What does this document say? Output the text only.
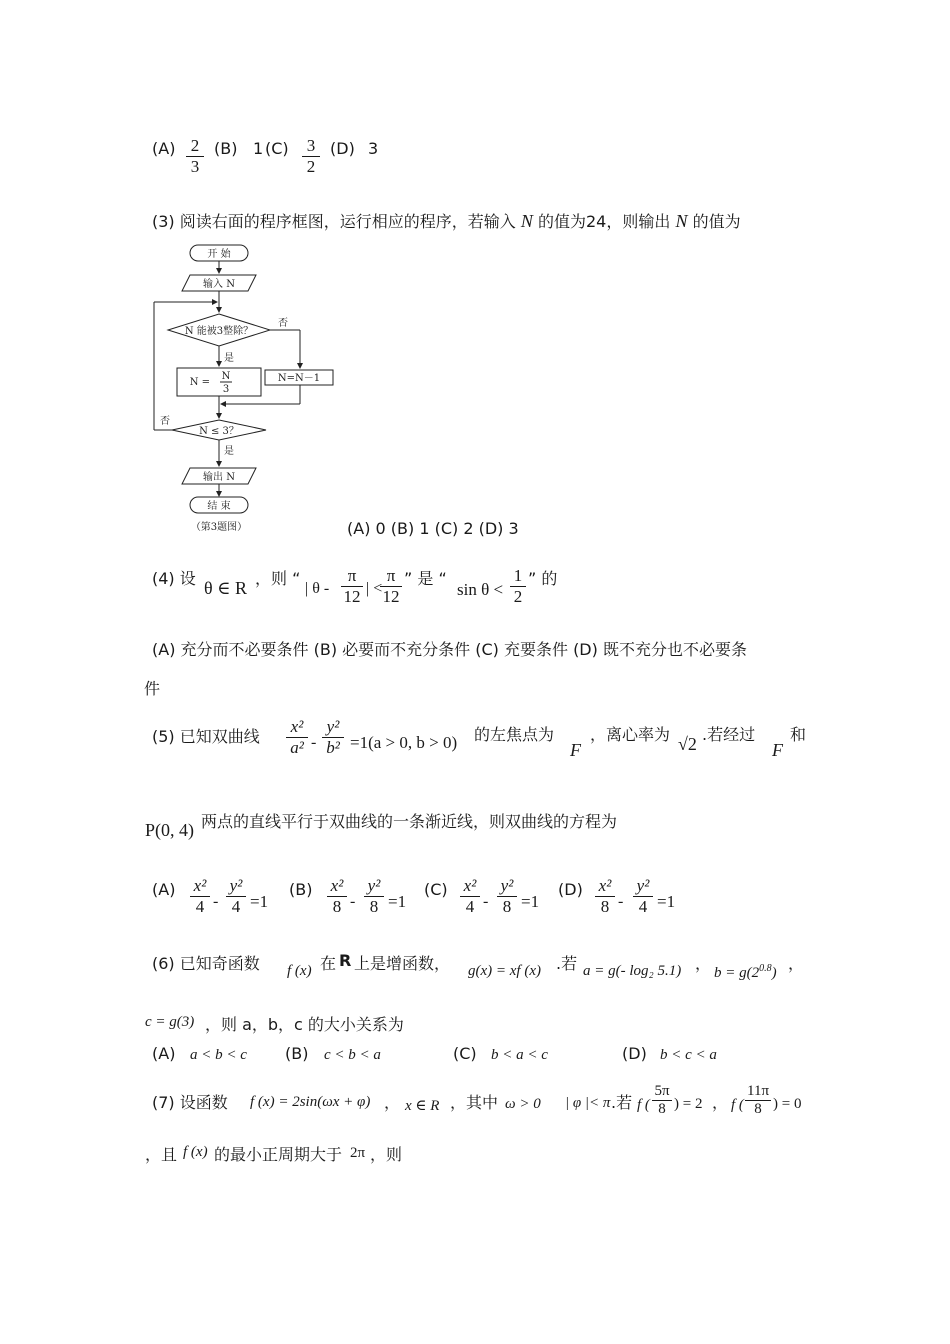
(A) 2
3
(B) 1 (C) 3
2
(D) 3
(3) 阅读右面的程序框图，运行相应的程序，若输入 N 的值为24，则输出 N 的值为
开 始
输入 N
N 能被3整除？
否
是
N =
N
3
N=N－1
N ≤ 3？
否
是
输出 N
结 束
（第3题图）	(A) 0 (B) 1 (C) 2 (D) 3
(4) 设 θ ∈ R ，则 “
| θ -
π
12 | <
π
12
” 是 “
sin θ <
1
2
” 的
(A) 充分而不必要条件 (B) 必要而不充分条件 (C) 充要条件 (D) 既不充分也不必要条
件
(5) 已知双曲线
x²
a² -
y²
b² =1(a > 0, b > 0) 的左焦点为
F
，离心率为 √2 .若经过
F
和
P(0, 4) 两点的直线平行于双曲线的一条渐近线，则双曲线的方程为
(A) x²
4 -
y²
4 =1
(B) x²
8 -
y²
8 =1
(C) x²
4 -
y²
8 =1
(D) x²
8 -
y²
4 =1
(6) 已知奇函数 f (x) 在 R 上是增函数， g(x) = xf (x) .若 a = g(- log₂ 5.1) ， $b = g(2^{0.8})$ ，
c = g(3) ，则 a，b，c 的大小关系为
(A) a < b < c (B) c < b < a	(C) b < a < c	(D) b < c < a
(7) 设函数 f (x) = 2sin(ωx + φ) ， x ∈ R ，其中 ω > 0 | φ |< π .若 f (
5π
8 ) = 2 ， f (
11π
8 ) = 0
，且 f (x) 的最小正周期大于 2π ，则
